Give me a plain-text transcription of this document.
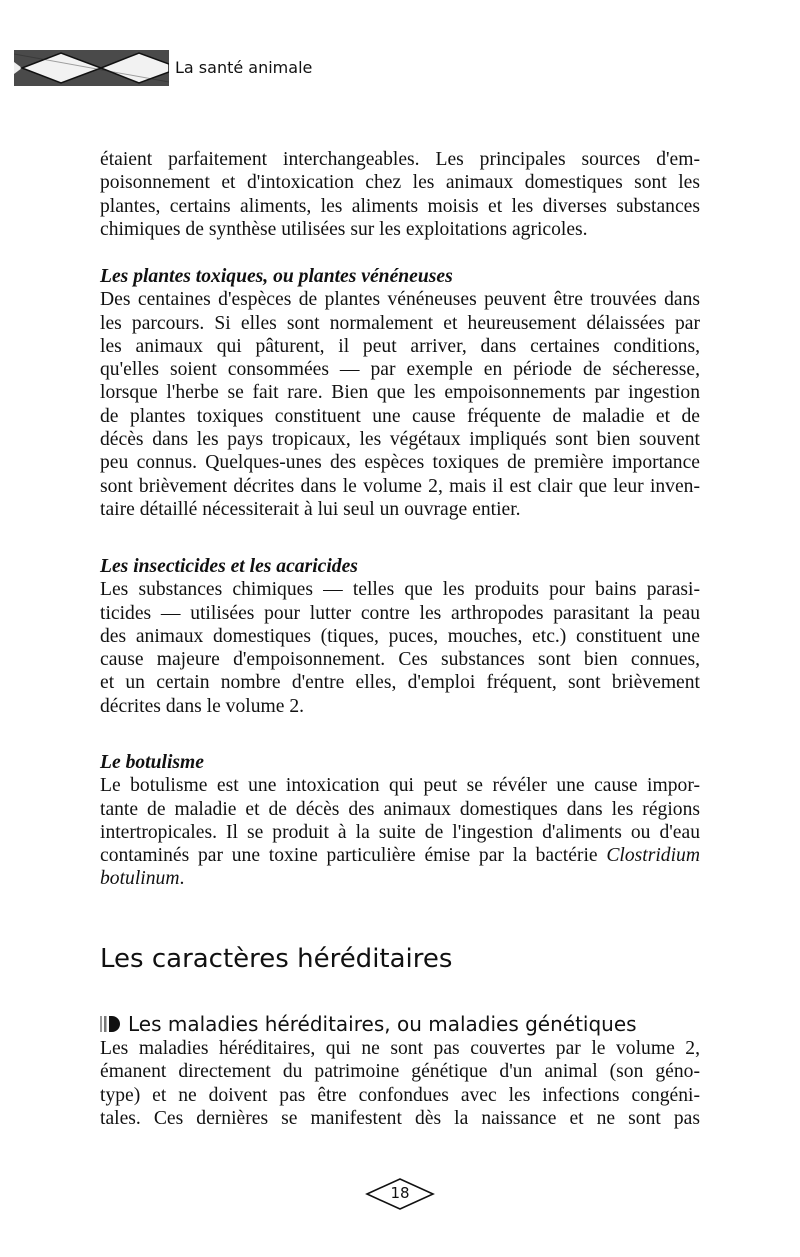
La santé animale
étaient parfaitement interchangeables. Les principales sources d'em-
poisonnement et d'intoxication chez les animaux domestiques sont les
plantes, certains aliments, les aliments moisis et les diverses substances
chimiques de synthèse utilisées sur les exploitations agricoles.
Les plantes toxiques, ou plantes vénéneuses
Des centaines d'espèces de plantes vénéneuses peuvent être trouvées dans
les parcours. Si elles sont normalement et heureusement délaissées par
les animaux qui pâturent, il peut arriver, dans certaines conditions,
qu'elles soient consommées — par exemple en période de sécheresse,
lorsque l'herbe se fait rare. Bien que les empoisonnements par ingestion
de plantes toxiques constituent une cause fréquente de maladie et de
décès dans les pays tropicaux, les végétaux impliqués sont bien souvent
peu connus. Quelques-unes des espèces toxiques de première importance
sont brièvement décrites dans le volume 2, mais il est clair que leur inven-
taire détaillé nécessiterait à lui seul un ouvrage entier.
Les insecticides et les acaricides
Les substances chimiques — telles que les produits pour bains parasi-
ticides — utilisées pour lutter contre les arthropodes parasitant la peau
des animaux domestiques (tiques, puces, mouches, etc.) constituent une
cause majeure d'empoisonnement. Ces substances sont bien connues,
et un certain nombre d'entre elles, d'emploi fréquent, sont brièvement
décrites dans le volume 2.
Le botulisme
Le botulisme est une intoxication qui peut se révéler une cause impor-
tante de maladie et de décès des animaux domestiques dans les régions
intertropicales. Il se produit à la suite de l'ingestion d'aliments ou d'eau
contaminés par une toxine particulière émise par la bactérie Clostridium
botulinum.
Les caractères héréditaires
Les maladies héréditaires, ou maladies génétiques
Les maladies héréditaires, qui ne sont pas couvertes par le volume 2,
émanent directement du patrimoine génétique d'un animal (son géno-
type) et ne doivent pas être confondues avec les infections congéni-
tales. Ces dernières se manifestent dès la naissance et ne sont pas
18
